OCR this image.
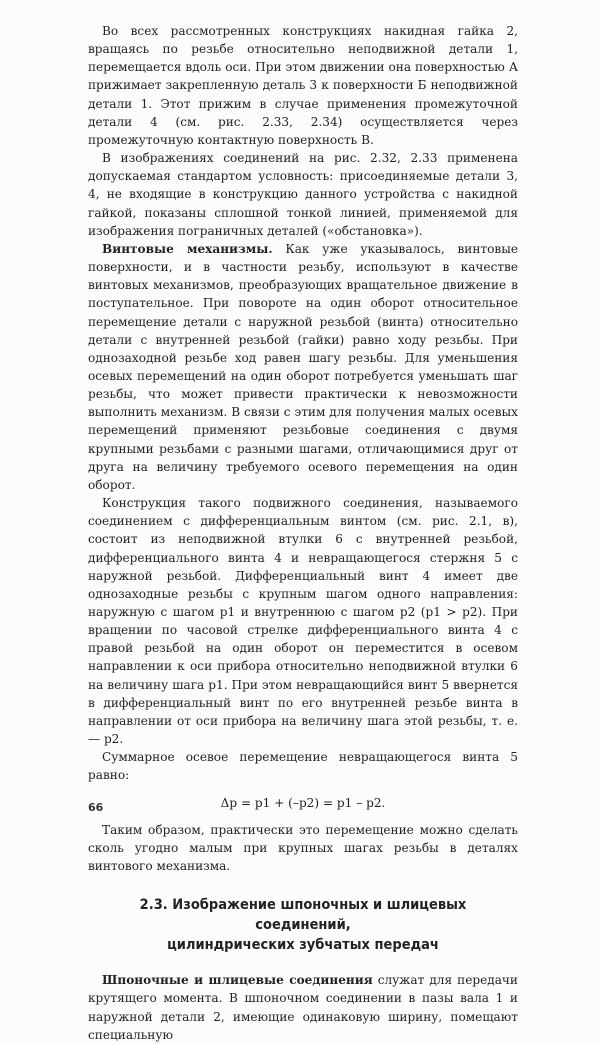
Во всех рассмотренных конструкциях накидная гайка 2, вращаясь по резьбе относительно неподвижной детали 1, перемещается вдоль оси. При этом движении она поверхностью А прижимает закрепленную деталь 3 к поверхности Б неподвижной детали 1. Этот прижим в случае применения промежуточной детали 4 (см. рис. 2.33, 2.34) осуществляется через промежуточную контактную поверхность В.

В изображениях соединений на рис. 2.32, 2.33 применена допускаемая стандартом условность: присоединяемые детали 3, 4, не входящие в конструкцию данного устройства с накидной гайкой, показаны сплошной тонкой линией, применяемой для изображения пограничных деталей («обстановка»).

Винтовые механизмы. Как уже указывалось, винтовые поверхности, и в частности резьбу, используют в качестве винтовых механизмов, преобразующих вращательное движение в поступательное. При повороте на один оборот относительное перемещение детали с наружной резьбой (винта) относительно детали с внутренней резьбой (гайки) равно ходу резьбы. При однозаходной резьбе ход равен шагу резьбы. Для уменьшения осевых перемещений на один оборот потребуется уменьшать шаг резьбы, что может привести практически к невозможности выполнить механизм. В связи с этим для получения малых осевых перемещений применяют резьбовые соединения с двумя крупными резьбами с разными шагами, отличающимися друг от друга на величину требуемого осевого перемещения на один оборот.

Конструкция такого подвижного соединения, называемого соединением с дифференциальным винтом (см. рис. 2.1, в), состоит из неподвижной втулки 6 с внутренней резьбой, дифференциального винта 4 и невращающегося стержня 5 с наружной резьбой. Дифференциальный винт 4 имеет две однозаходные резьбы с крупным шагом одного направления: наружную с шагом p1 и внутреннюю с шагом p2 (p1 > p2). При вращении по часовой стрелке дифференциального винта 4 с правой резьбой на один оборот он переместится в осевом направлении к оси прибора относительно неподвижной втулки 6 на величину шага p1. При этом невращающийся винт 5 ввернется в дифференциальный винт по его внутренней резьбе винта в направлении от оси прибора на величину шага этой резьбы, т. е. — p2.

Суммарное осевое перемещение невращающегося винта 5 равно:

Δp = p1 + (–p2) = p1 – p2.

Таким образом, практически это перемещение можно сделать сколь угодно малым при крупных шагах резьбы в деталях винтового механизма.

2.3. Изображение шпоночных и шлицевых соединений,
цилиндрических зубчатых передач

Шпоночные и шлицевые соединения служат для передачи крутящего момента. В шпоночном соединении в пазы вала 1 и наружной детали 2, имеющие одинаковую ширину, помещают специальную

66
